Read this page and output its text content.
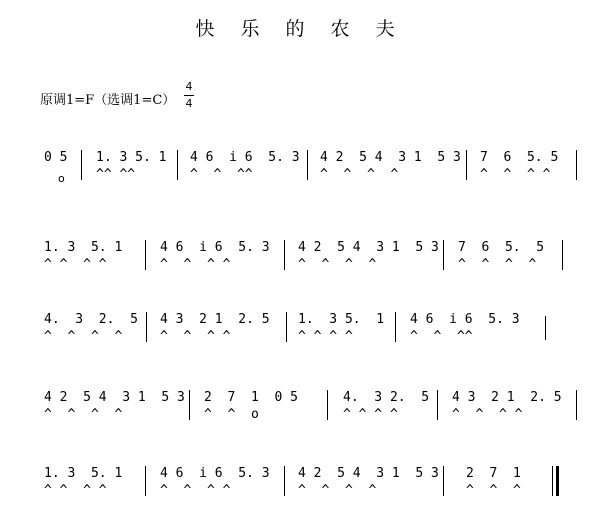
快 乐 的 农 夫
原调1=F（选调1=C）
4
4
0 5
o
1. 3 5. 1
^^ ^^
4 6  i 6  5. 3
^  ^  ^^
4 2  5 4  3 1  5 3
^  ^  ^  ^
7  6  5. 5
^  ^  ^ ^
1. 3  5. 1
^ ^  ^ ^
4 6  i 6  5. 3
^  ^  ^ ^
4 2  5 4  3 1  5 3
^  ^  ^  ^
7  6  5.  5
^  ^  ^  ^
4.  3  2.  5
^  ^  ^  ^
4 3  2 1  2. 5
^  ^  ^ ^
1.  3 5.  1
^ ^ ^ ^
4 6  i 6  5. 3
^  ^  ^^
4 2  5 4  3 1  5 3
^  ^  ^  ^
2  7  1  0 5
^  ^  o
4.  3 2.  5
^ ^ ^ ^
4 3  2 1  2. 5
^  ^  ^ ^
1. 3  5. 1
^ ^  ^ ^
4 6  i 6  5. 3
^  ^  ^ ^
4 2  5 4  3 1  5 3
^  ^  ^  ^
2  7  1
^  ^  ^
